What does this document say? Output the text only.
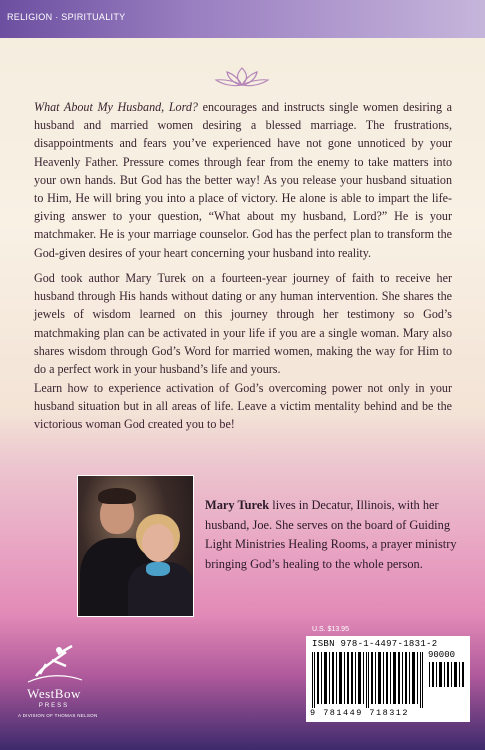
RELIGION · SPIRITUALITY

What About My Husband, Lord? encourages and instructs single women desiring a husband and married women desiring a blessed marriage. The frustrations, disappointments and fears you’ve experienced have not gone unnoticed by your Heavenly Father. Pressure comes through fear from the enemy to take matters into your own hands. But God has the better way! As you release your husband situation to Him, He will bring you into a place of victory. He alone is able to impart the life-giving answer to your question, “What about my husband, Lord?” He is your matchmaker. He is your marriage counselor. God has the perfect plan to transform the God-given desires of your heart concerning your husband into reality.

God took author Mary Turek on a fourteen-year journey of faith to receive her husband through His hands without dating or any human intervention. She shares the jewels of wisdom learned on this journey through her testimony so God’s matchmaking plan can be activated in your life if you are a single woman. Mary also shares wisdom through God’s Word for married women, making the way for Him to do a perfect work in your husband’s life and yours.

Learn how to experience activation of God’s overcoming power not only in your husband situation but in all areas of life. Leave a victim mentality behind and be the victorious woman God created you to be!

Mary Turek lives in Decatur, Illinois, with her husband, Joe. She serves on the board of Guiding Light Ministries Healing Rooms, a prayer ministry bringing God’s healing to the whole person.

U.S. $13.95
ISBN 978-1-4497-1831-2
90000
9 781449 718312
WestBow
PRESS
A DIVISION OF THOMAS NELSON
